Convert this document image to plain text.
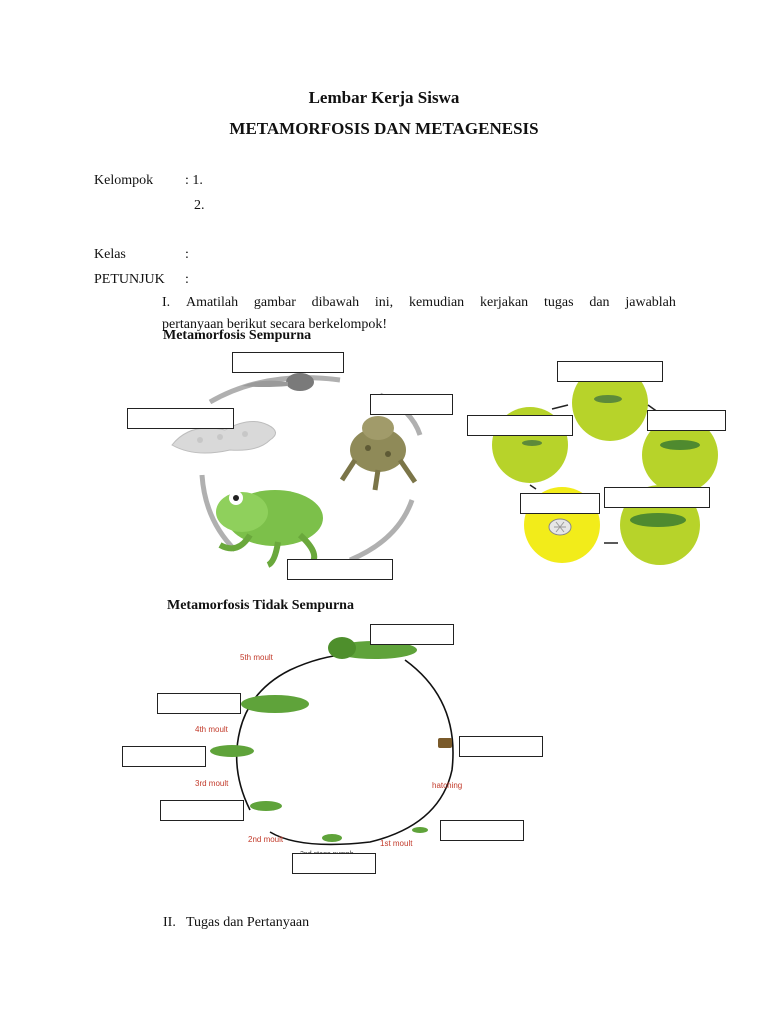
Lembar Kerja Siswa
METAMORFOSIS DAN METAGENESIS
Kelompok : 1.
2.
Kelas	:
PETUNJUK :
I. Amatilah gambar dibawah ini, kemudian kerjakan tugas dan jawablah
pertanyaan berikut secara berkelompok!
Metamorfosis Sempurna
Metamorfosis Tidak Sempurna
5th moult
4th moult
3rd moult
2nd moult	1st moult
hatching
II. Tugas dan Pertanyaan
